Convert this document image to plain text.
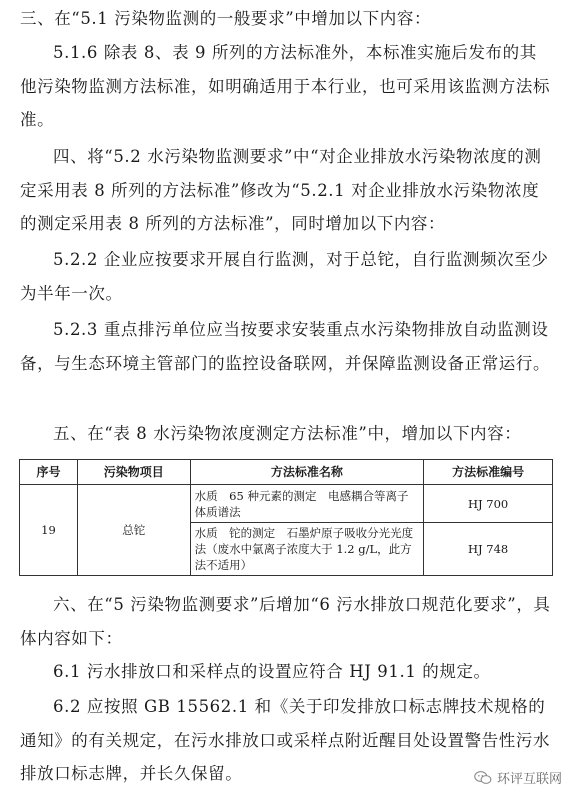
三、在“5.1 污染物监测的一般要求”中增加以下内容：

5.1.6 除表 8、表 9 所列的方法标准外，本标准实施后发布的其他污染物监测方法标准，如明确适用于本行业，也可采用该监测方法标准。

四、将“5.2 水污染物监测要求”中“对企业排放水污染物浓度的测定采用表 8 所列的方法标准”修改为“5.2.1 对企业排放水污染物浓度的测定采用表 8 所列的方法标准”，同时增加以下内容：

5.2.2 企业应按要求开展自行监测，对于总铊，自行监测频次至少为半年一次。

5.2.3 重点排污单位应当按要求安装重点水污染物排放自动监测设备，与生态环境主管部门的监控设备联网，并保障监测设备正常运行。

五、在“表 8 水污染物浓度测定方法标准”中，增加以下内容：

序号	污染物项目	方法标准名称	方法标准编号
19	总铊	水质　65 种元素的测定　电感耦合等离子体质谱法	HJ 700
		水质　铊的测定　石墨炉原子吸收分光光度法（废水中氯离子浓度大于 1.2 g/L，此方法不适用）	HJ 748

六、在“5 污染物监测要求”后增加“6 污水排放口规范化要求”，具体内容如下：

6.1 污水排放口和采样点的设置应符合 HJ 91.1 的规定。

6.2 应按照 GB 15562.1 和《关于印发排放口标志牌技术规格的通知》的有关规定，在污水排放口或采样点附近醒目处设置警告性污水排放口标志牌，并长久保留。	环评互联网
